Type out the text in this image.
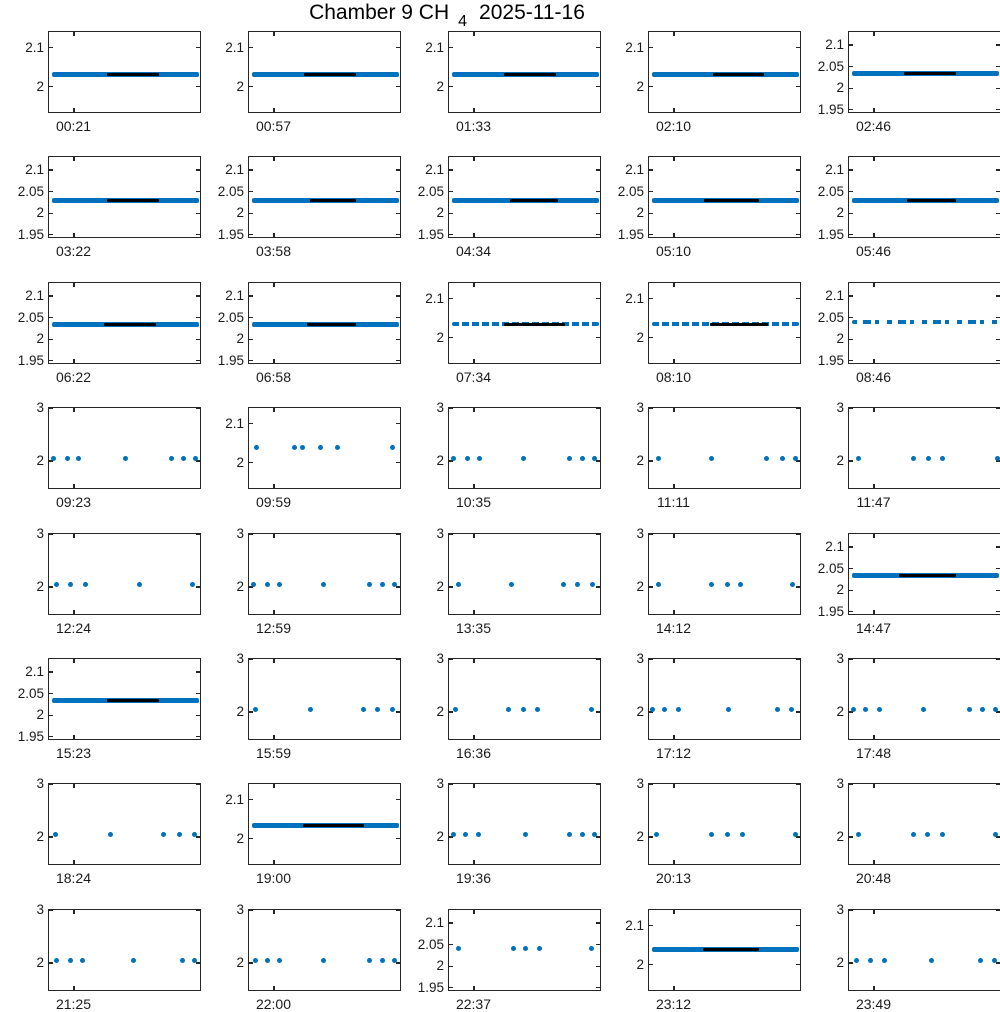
Chamber 9 CH $_4$ 2025-11-16
2.1
2
00:21
2.1
2
00:57
2.1
2
01:33
2.1
2
02:10
2.1
2.05
2
1.95
02:46
2.1
2.05
2
1.95
03:22
2.1
2.05
2
1.95
03:58
2.1
2.05
2
1.95
04:34
2.1
2.05
2
1.95
05:10
2.1
2.05
2
1.95
05:46
2.1
2.05
2
1.95
06:22
2.1
2.05
2
1.95
06:58
2.1
2
07:34
2.1
2
08:10
2.1
2.05
2
1.95
08:46
3
2
09:23
2.1
2
09:59
3
2
10:35
3
2
11:11
3
2
11:47
3
2
12:24
3
2
12:59
3
2
13:35
3
2
14:12
2.1
2.05
2
1.95
14:47
2.1
2.05
2
1.95
15:23
3
2
15:59
3
2
16:36
3
2
17:12
3
2
17:48
3
2
18:24
2.1
2
19:00
3
2
19:36
3
2
20:13
3
2
20:48
3
2
21:25
3
2
22:00
2.1
2.05
2
1.95
22:37
2.1
2
23:12
3
2
23:49
